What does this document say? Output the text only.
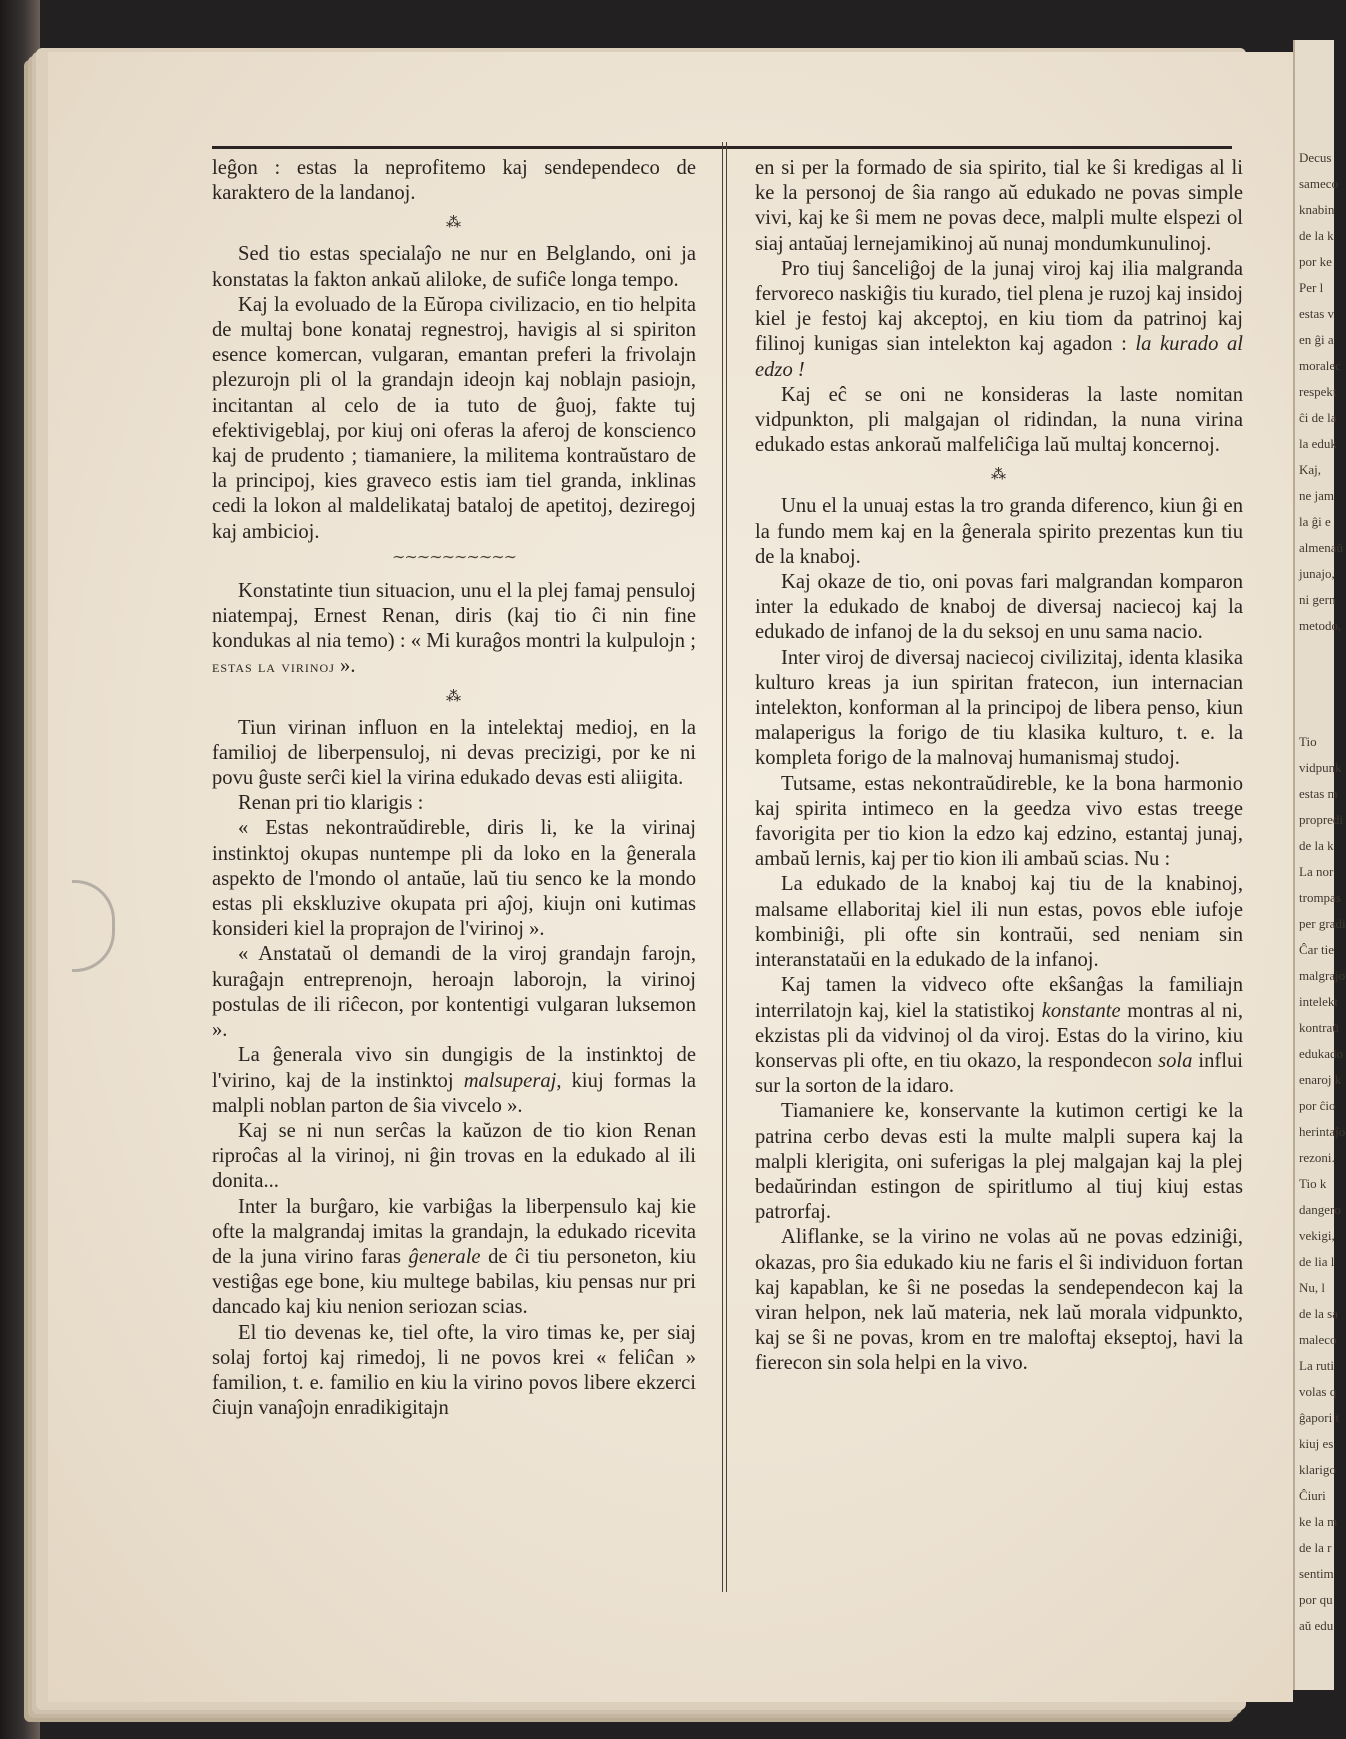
Decus
sameco
knabin
de la k
por ke
Per l
estas v
en ĝi a
moralec
respekt
ĉi de la
la eduk
Kaj,
ne jam
la ĝi e
almenaŭ
junajo,
ni gern
metodo,
Tio
vidpunk
estas m
propredi
de la k
La nor
trompas
per gradi
Ĉar tie
malgrajo
intelekt
kontraŭ
edukado
enaroj k
por ĉio
herintaĵo
rezoni.
Tio k
dangero
vekigi,
de lia l
Nu, l
de la sa
maleco
La ruti
volas q
ĝapori t
kiuj es
klarigo
Ĉiuri
ke la m
de la r
sentim
por qu
aŭ edu

leĝon : estas la neprofitemo kaj sendependeco de karaktero de la landanoj.

⁂

Sed tio estas specialaĵo ne nur en Belglando, oni ja konstatas la fakton ankaŭ aliloke, de sufiĉe longa tempo.

Kaj la evoluado de la Eŭropa civilizacio, en tio helpita de multaj bone konataj regnestroj, havigis al si spiriton esence komercan, vulgaran, emantan preferi la frivolajn plezurojn pli ol la grandajn ideojn kaj noblajn pasiojn, incitantan al celo de ia tuto de ĝuoj, fakte tuj efektivigeblaj, por kiuj oni oferas la aferoj de konscienco kaj de prudento ; tiamaniere, la militema kontraŭstaro de la principoj, kies graveco estis iam tiel granda, inklinas cedi la lokon al maldelikataj bataloj de apetitoj, deziregoj kaj ambicioj.

∼∼∼∼∼∼∼∼∼∼

Konstatinte tiun situacion, unu el la plej famaj pensuloj niatempaj, Ernest Renan, diris (kaj tio ĉi nin fine kondukas al nia temo) : « Mi kuraĝos montri la kulpulojn ; estas la virinoj ».

⁂

Tiun virinan influon en la intelektaj medioj, en la familioj de liberpensuloj, ni devas precizigi, por ke ni povu ĝuste serĉi kiel la virina edukado devas esti aliigita.

Renan pri tio klarigis :

« Estas nekontraŭdireble, diris li, ke la virinaj instinktoj okupas nuntempe pli da loko en la ĝenerala aspekto de l'mondo ol antaŭe, laŭ tiu senco ke la mondo estas pli ekskluzive okupata pri aĵoj, kiujn oni kutimas konsideri kiel la proprajon de l'virinoj ».

« Anstataŭ ol demandi de la viroj grandajn farojn, kuraĝajn entreprenojn, heroajn laborojn, la virinoj postulas de ili riĉecon, por kontentigi vulgaran luksemon ».

La ĝenerala vivo sin dungigis de la instinktoj de l'virino, kaj de la instinktoj malsuperaj, kiuj formas la malpli noblan parton de ŝia vivcelo ».

Kaj se ni nun serĉas la kaŭzon de tio kion Renan riproĉas al la virinoj, ni ĝin trovas en la edukado al ili donita...

Inter la burĝaro, kie varbiĝas la liberpensulo kaj kie ofte la malgrandaj imitas la grandajn, la edukado ricevita de la juna virino faras ĝenerale de ĉi tiu personeton, kiu vestiĝas ege bone, kiu multege babilas, kiu pensas nur pri dancado kaj kiu nenion seriozan scias.

El tio devenas ke, tiel ofte, la viro timas ke, per siaj solaj fortoj kaj rimedoj, li ne povos krei « feliĉan » familion, t. e. familio en kiu la virino povos libere ekzerci ĉiujn vanaĵojn enradikigitajn

en si per la formado de sia spirito, tial ke ŝi kredigas al li ke la personoj de ŝia rango aŭ edukado ne povas simple vivi, kaj ke ŝi mem ne povas dece, malpli multe elspezi ol siaj antaŭaj lernejamikinoj aŭ nunaj mondumkunulinoj.

Pro tiuj ŝanceliĝoj de la junaj viroj kaj ilia malgranda fervoreco naskiĝis tiu kurado, tiel plena je ruzoj kaj insidoj kiel je festoj kaj akceptoj, en kiu tiom da patrinoj kaj filinoj kunigas sian intelekton kaj agadon : la kurado al edzo !

Kaj eĉ se oni ne konsideras la laste nomitan vidpunkton, pli malgajan ol ridindan, la nuna virina edukado estas ankoraŭ malfeliĉiga laŭ multaj koncernoj.

⁂

Unu el la unuaj estas la tro granda diferenco, kiun ĝi en la fundo mem kaj en la ĝenerala spirito prezentas kun tiu de la knaboj.

Kaj okaze de tio, oni povas fari malgrandan komparon inter la edukado de knaboj de diversaj naciecoj kaj la edukado de infanoj de la du seksoj en unu sama nacio.

Inter viroj de diversaj naciecoj civilizitaj, identa klasika kulturo kreas ja iun spiritan fratecon, iun internacian intelekton, konforman al la principoj de libera penso, kiun malaperigus la forigo de tiu klasika kulturo, t. e. la kompleta forigo de la malnovaj humanismaj studoj.

Tutsame, estas nekontraŭdireble, ke la bona harmonio kaj spirita intimeco en la geedza vivo estas treege favorigita per tio kion la edzo kaj edzino, estantaj junaj, ambaŭ lernis, kaj per tio kion ili ambaŭ scias. Nu :

La edukado de la knaboj kaj tiu de la knabinoj, malsame ellaboritaj kiel ili nun estas, povos eble iufoje kombiniĝi, pli ofte sin kontraŭi, sed neniam sin interanstataŭi en la edukado de la infanoj.

Kaj tamen la vidveco ofte ekŝanĝas la familiajn interrilatojn kaj, kiel la statistikoj konstante montras al ni, ekzistas pli da vidvinoj ol da viroj. Estas do la virino, kiu konservas pli ofte, en tiu okazo, la respondecon sola influi sur la sorton de la idaro.

Tiamaniere ke, konservante la kutimon certigi ke la patrina cerbo devas esti la multe malpli supera kaj la malpli klerigita, oni suferigas la plej malgajan kaj la plej bedaŭrindan estingon de spiritlumo al tiuj kiuj estas patrorfaj.

Aliflanke, se la virino ne volas aŭ ne povas edziniĝi, okazas, pro ŝia edukado kiu ne faris el ŝi individuon fortan kaj kapablan, ke ŝi ne posedas la sendependecon kaj la viran helpon, nek laŭ materia, nek laŭ morala vidpunkto, kaj se ŝi ne povas, krom en tre maloftaj ekseptoj, havi la fierecon sin sola helpi en la vivo.
